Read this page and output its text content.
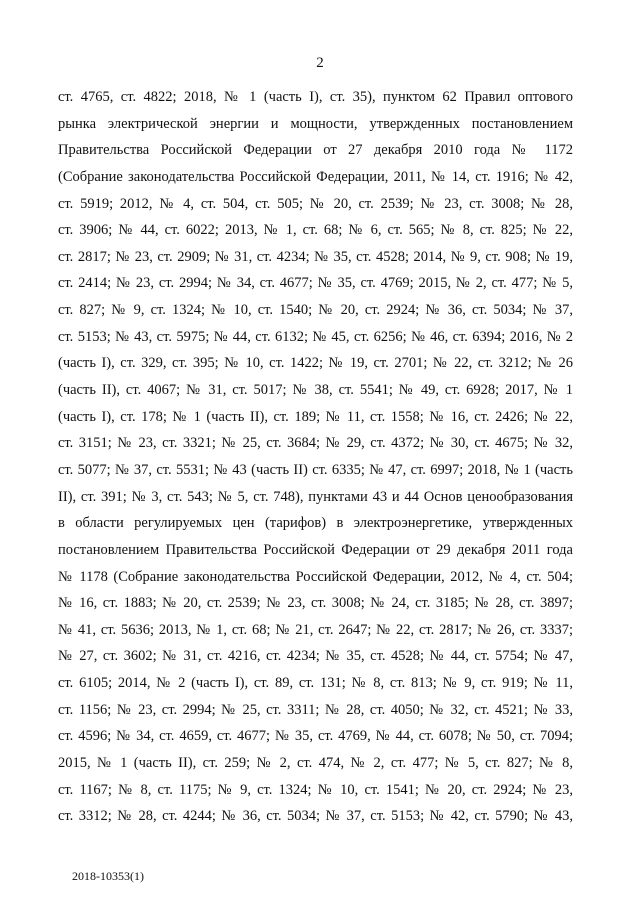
2
ст. 4765, ст. 4822; 2018, № 1 (часть I), ст. 35), пунктом 62 Правил оптового
рынка электрической энергии и мощности, утвержденных постановлением
Правительства Российской Федерации от 27 декабря 2010 года № 1172
(Собрание законодательства Российской Федерации, 2011, № 14, ст. 1916; № 42,
ст. 5919; 2012, № 4, ст. 504, ст. 505; № 20, ст. 2539; № 23, ст. 3008; № 28,
ст. 3906; № 44, ст. 6022; 2013, № 1, ст. 68; № 6, ст. 565; № 8, ст. 825; № 22,
ст. 2817; № 23, ст. 2909; № 31, ст. 4234; № 35, ст. 4528; 2014, № 9, ст. 908; № 19,
ст. 2414; № 23, ст. 2994; № 34, ст. 4677; № 35, ст. 4769; 2015, № 2, ст. 477; № 5,
ст. 827; № 9, ст. 1324; № 10, ст. 1540; № 20, ст. 2924; № 36, ст. 5034; № 37,
ст. 5153; № 43, ст. 5975; № 44, ст. 6132; № 45, ст. 6256; № 46, ст. 6394; 2016, № 2
(часть I), ст. 329, ст. 395; № 10, ст. 1422; № 19, ст. 2701; № 22, ст. 3212; № 26
(часть II), ст. 4067; № 31, ст. 5017; № 38, ст. 5541; № 49, ст. 6928; 2017, № 1
(часть I), ст. 178; № 1 (часть II), ст. 189; № 11, ст. 1558; № 16, ст. 2426; № 22,
ст. 3151; № 23, ст. 3321; № 25, ст. 3684; № 29, ст. 4372; № 30, ст. 4675; № 32,
ст. 5077; № 37, ст. 5531; № 43 (часть II) ст. 6335; № 47, ст. 6997; 2018, № 1 (часть
II), ст. 391; № 3, ст. 543; № 5, ст. 748), пунктами 43 и 44 Основ ценообразования
в области регулируемых цен (тарифов) в электроэнергетике, утвержденных
постановлением Правительства Российской Федерации от 29 декабря 2011 года
№ 1178 (Собрание законодательства Российской Федерации, 2012, № 4, ст. 504;
№ 16, ст. 1883; № 20, ст. 2539; № 23, ст. 3008; № 24, ст. 3185; № 28, ст. 3897;
№ 41, ст. 5636; 2013, № 1, ст. 68; № 21, ст. 2647; № 22, ст. 2817; № 26, ст. 3337;
№ 27, ст. 3602; № 31, ст. 4216, ст. 4234; № 35, ст. 4528; № 44, ст. 5754; № 47,
ст. 6105; 2014, № 2 (часть I), ст. 89, ст. 131; № 8, ст. 813; № 9, ст. 919; № 11,
ст. 1156; № 23, ст. 2994; № 25, ст. 3311; № 28, ст. 4050; № 32, ст. 4521; № 33,
ст. 4596; № 34, ст. 4659, ст. 4677; № 35, ст. 4769, № 44, ст. 6078; № 50, ст. 7094;
2015, № 1 (часть II), ст. 259; № 2, ст. 474, № 2, ст. 477; № 5, ст. 827; № 8,
ст. 1167; № 8, ст. 1175; № 9, ст. 1324; № 10, ст. 1541; № 20, ст. 2924; № 23,
ст. 3312; № 28, ст. 4244; № 36, ст. 5034; № 37, ст. 5153; № 42, ст. 5790; № 43,
2018-10353(1)
